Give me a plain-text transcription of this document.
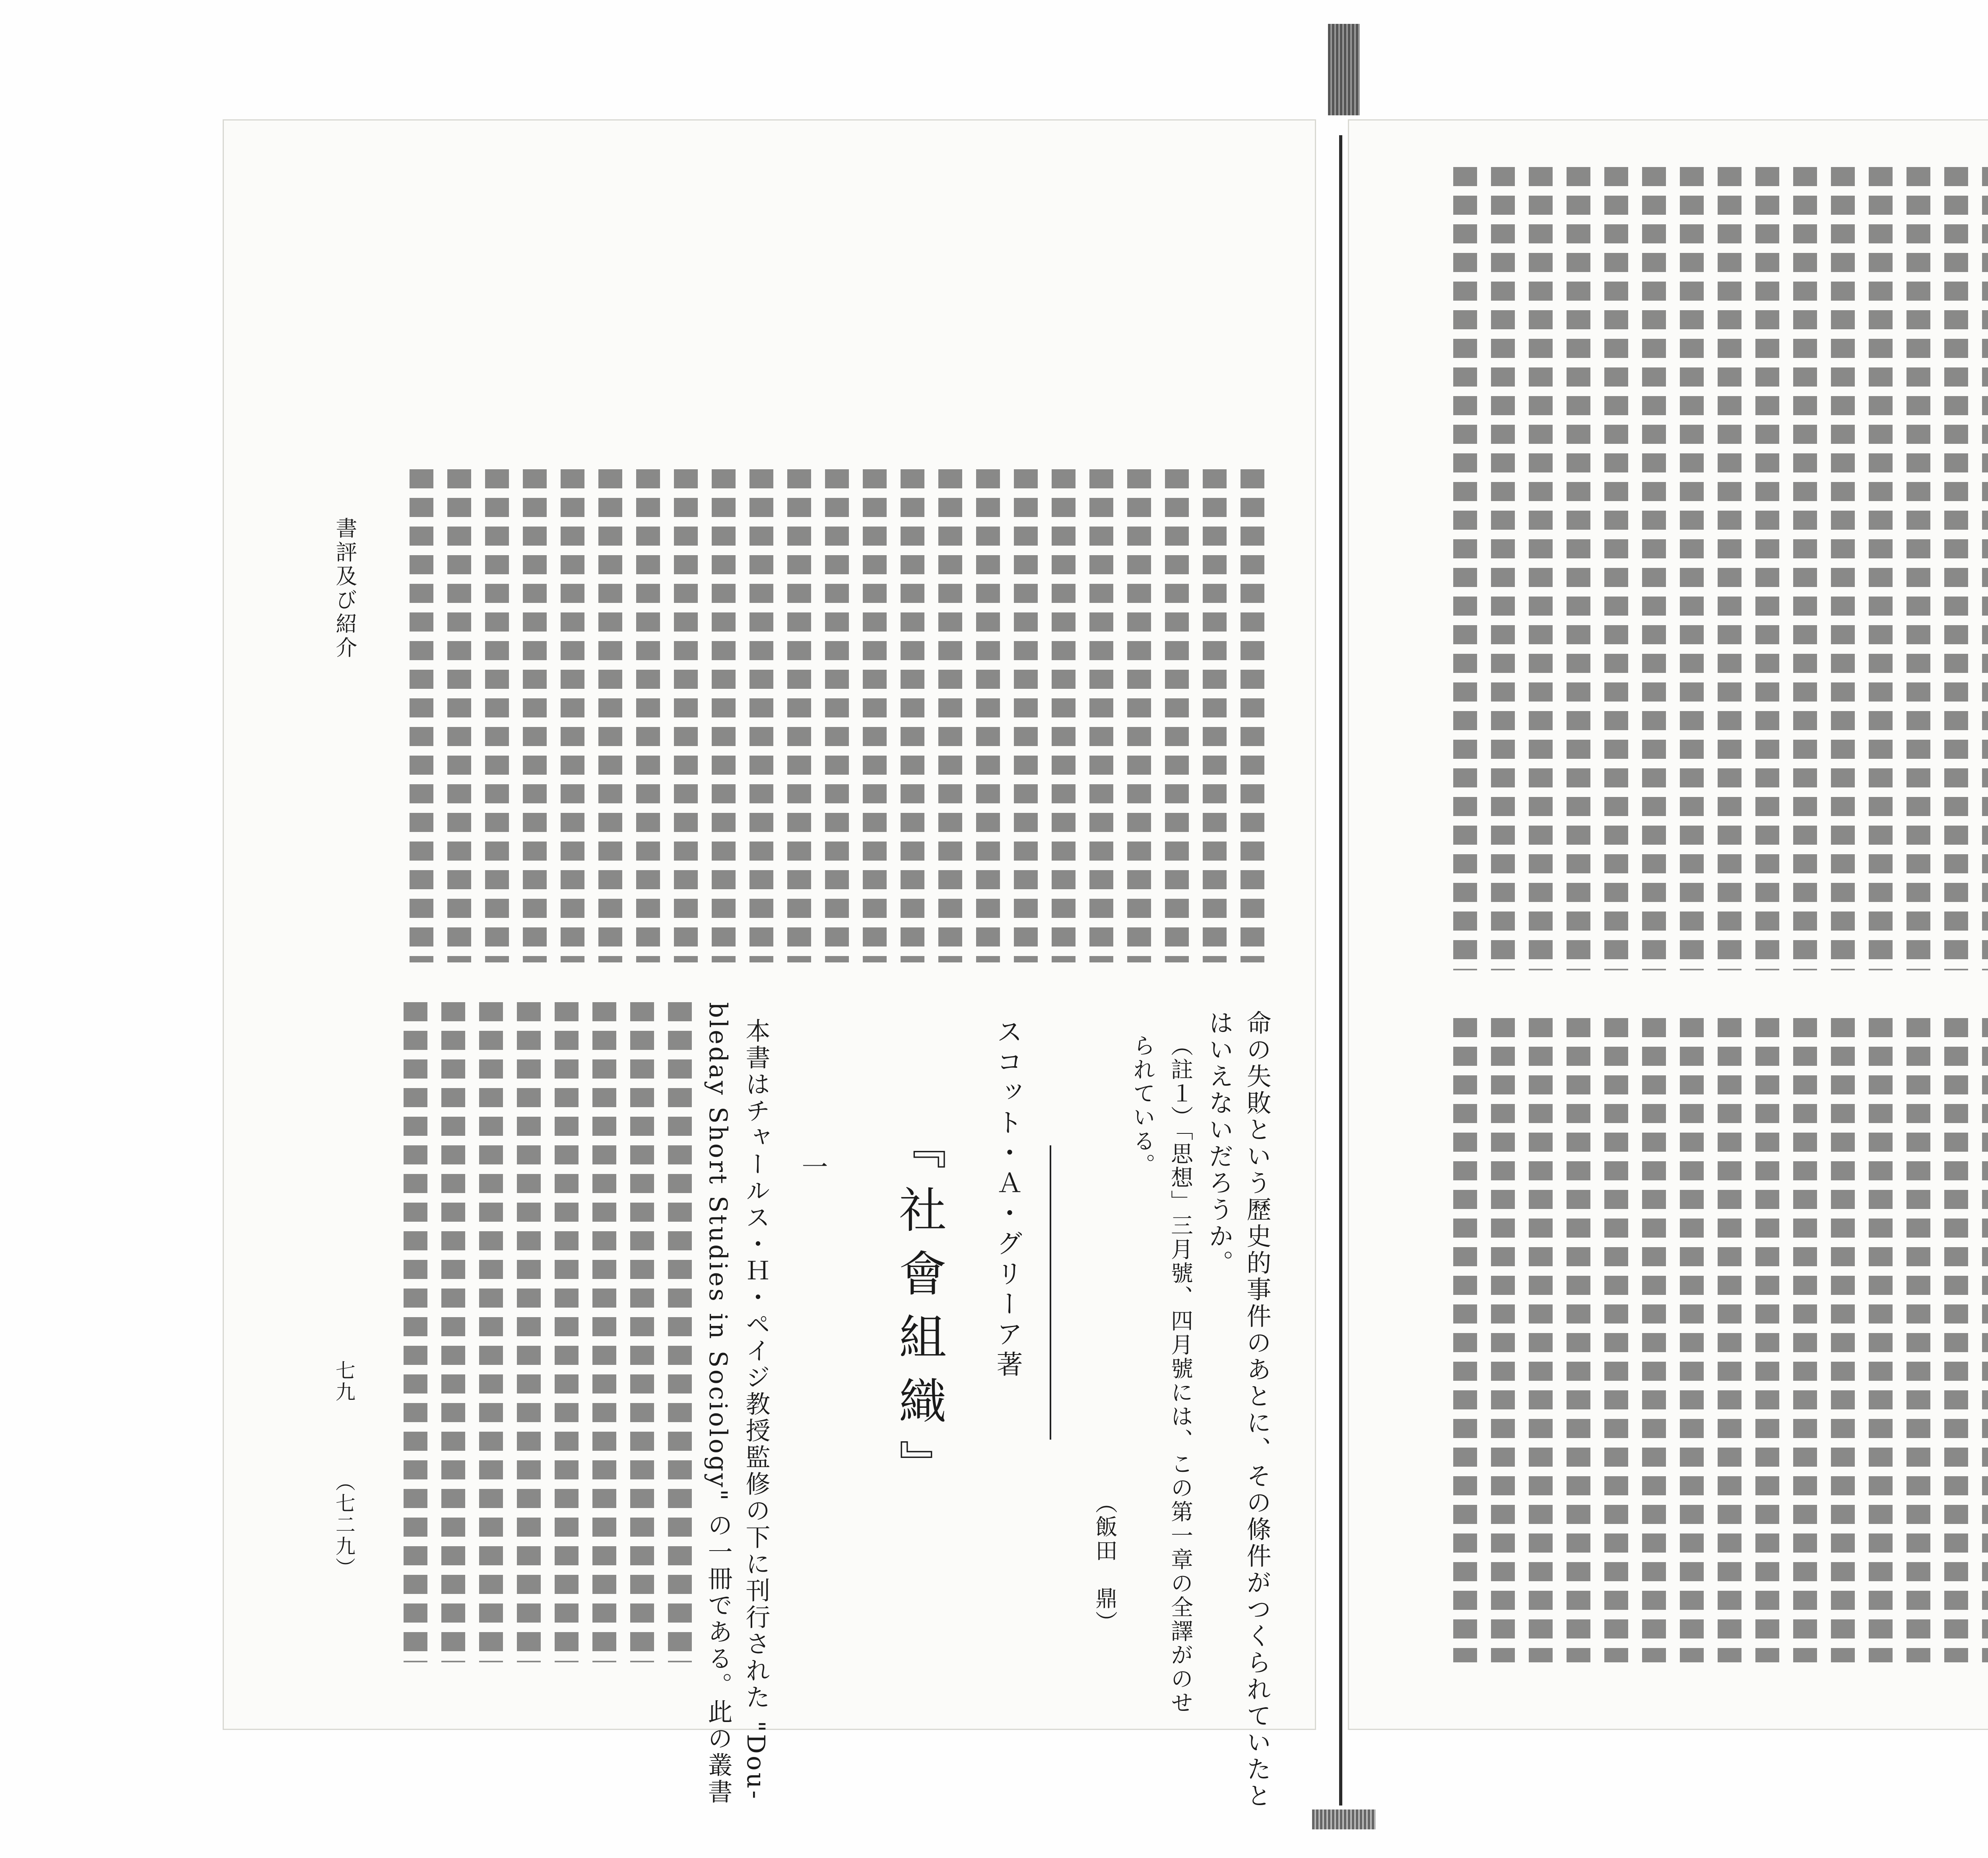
書評及び紹介
七九
（七二九）	命の失敗という歷史的事件のあとに、その條件がつくられていたと
はいえないだろうか。
（註１）「思想」三月號、四月號には、この第一章の全譯がのせ
られている。
（飯田　鼎）
スコット・Ａ・グリーア著
『社會組織』
一
本書はチャールス・Ｈ・ペイジ教授監修の下に刊行された "Dou-
bleday Short Studies in Sociology" の一冊である。此の叢書
